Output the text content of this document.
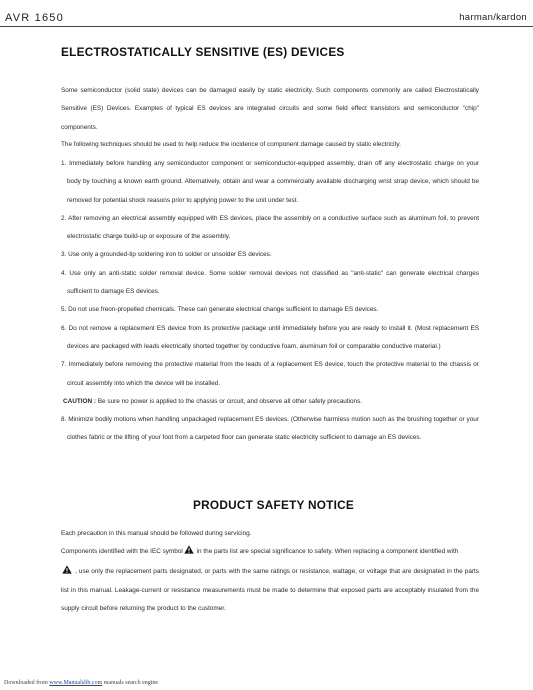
AVR 1650	harman/kardon
ELECTROSTATICALLY SENSITIVE (ES) DEVICES

Some semiconductor (solid state) devices can be damaged easily by static electricity. Such components commonly are called Electrostatically Sensitive (ES) Devices. Examples of typical ES devices are integrated circuits and some field effect transistors and semiconductor "chip" components.

The following techniques should be used to help reduce the incidence of component damage caused by static electricity.

1. Immediately before handling any semiconductor component or semiconductor-equipped assembly, drain off any electrostatic charge on your body by touching a known earth ground. Alternatively, obtain and wear a commercially available discharging wrist strap device, which should be removed for potential shock reasons prior to applying power to the unit under test.
2. After removing an electrical assembly equipped with ES devices, place the assembly on a conductive surface such as aluminum foil, to prevent electrostatic charge build-up or exposure of the assembly.
3. Use only a grounded-tip soldering iron to solder or unsolder ES devices.
4. Use only an anti-static solder removal device. Some solder removal devices not classified as "anti-static" can generate electrical charges sufficient to damage ES devices.
5. Do not use freon-propelled chemicals. These can generate electrical change sufficient to damage ES devices.
6. Do not remove a replacement ES device from its protective package until immediately before you are ready to install it. (Most replacement ES devices are packaged with leads electrically shorted together by conductive foam, aluminum foil or comparable conductive material.)
7. Immediately before removing the protective material from the leads of a replacement ES device, touch the protective material to the chassis or circuit assembly into which the device will be installed.
CAUTION : Be sure no power is applied to the chassis or circuit, and observe all other safety precautions.
8. Minimize bodily motions when handling unpackaged replacement ES devices. (Otherwise harmless motion such as the brushing together or your clothes fabric or the lifting of your foot from a carpeted floor can generate static electricity sufficient to damage an ES devices.
PRODUCT SAFETY NOTICE
Each precaution in this manual should be followed during servicing.
Components identified with the IEC symbol in the parts list are special significance to safety. When replacing a component identified with
, use only the replacement parts designated, or parts with the same ratings or resistance, wattage, or voltage that are designated in the parts list in this manual. Leakage-current or resistance measurements must be made to determine that exposed parts are acceptably insulated from the supply circuit before returning the product to the customer.
Downloaded from www.Manualslib.com manuals search engine
